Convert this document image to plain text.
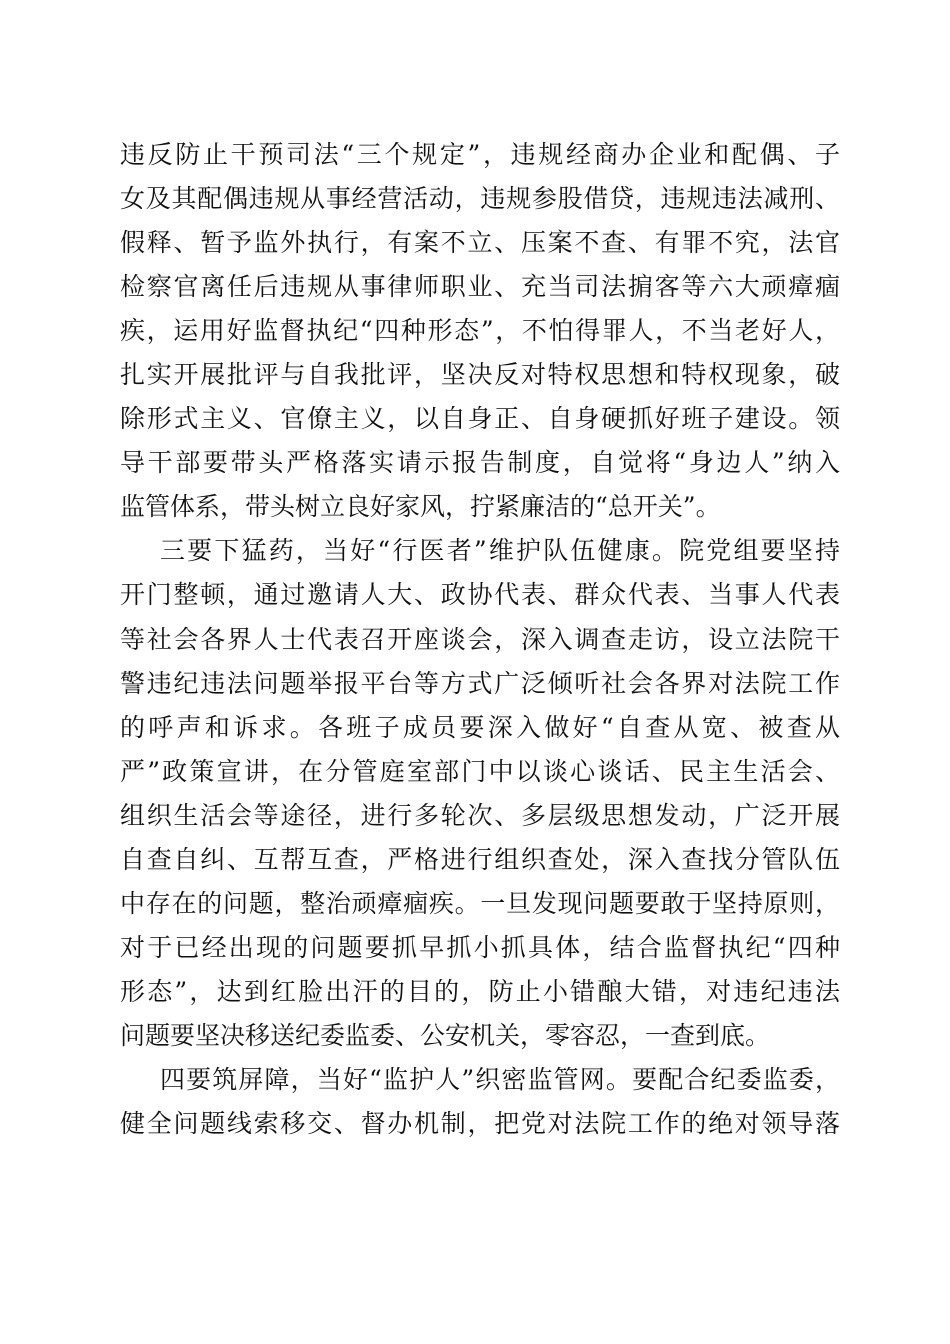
违反防止干预司法“三个规定”，违规经商办企业和配偶、子
女及其配偶违规从事经营活动，违规参股借贷，违规违法减刑、
假释、暂予监外执行，有案不立、压案不查、有罪不究，法官
检察官离任后违规从事律师职业、充当司法掮客等六大顽瘴痼
疾，运用好监督执纪“四种形态”，不怕得罪人，不当老好人，
扎实开展批评与自我批评，坚决反对特权思想和特权现象，破
除形式主义、官僚主义，以自身正、自身硬抓好班子建设。领
导干部要带头严格落实请示报告制度，自觉将“身边人”纳入
监管体系，带头树立良好家风，拧紧廉洁的“总开关”。
三要下猛药，当好“行医者”维护队伍健康。院党组要坚持
开门整顿，通过邀请人大、政协代表、群众代表、当事人代表
等社会各界人士代表召开座谈会，深入调查走访，设立法院干
警违纪违法问题举报平台等方式广泛倾听社会各界对法院工作
的呼声和诉求。各班子成员要深入做好“自查从宽、被查从
严”政策宣讲，在分管庭室部门中以谈心谈话、民主生活会、
组织生活会等途径，进行多轮次、多层级思想发动，广泛开展
自查自纠、互帮互查，严格进行组织查处，深入查找分管队伍
中存在的问题，整治顽瘴痼疾。一旦发现问题要敢于坚持原则，
对于已经出现的问题要抓早抓小抓具体，结合监督执纪“四种
形态”，达到红脸出汗的目的，防止小错酿大错，对违纪违法
问题要坚决移送纪委监委、公安机关，零容忍，一查到底。
四要筑屏障，当好“监护人”织密监管网。要配合纪委监委，
健全问题线索移交、督办机制，把党对法院工作的绝对领导落
